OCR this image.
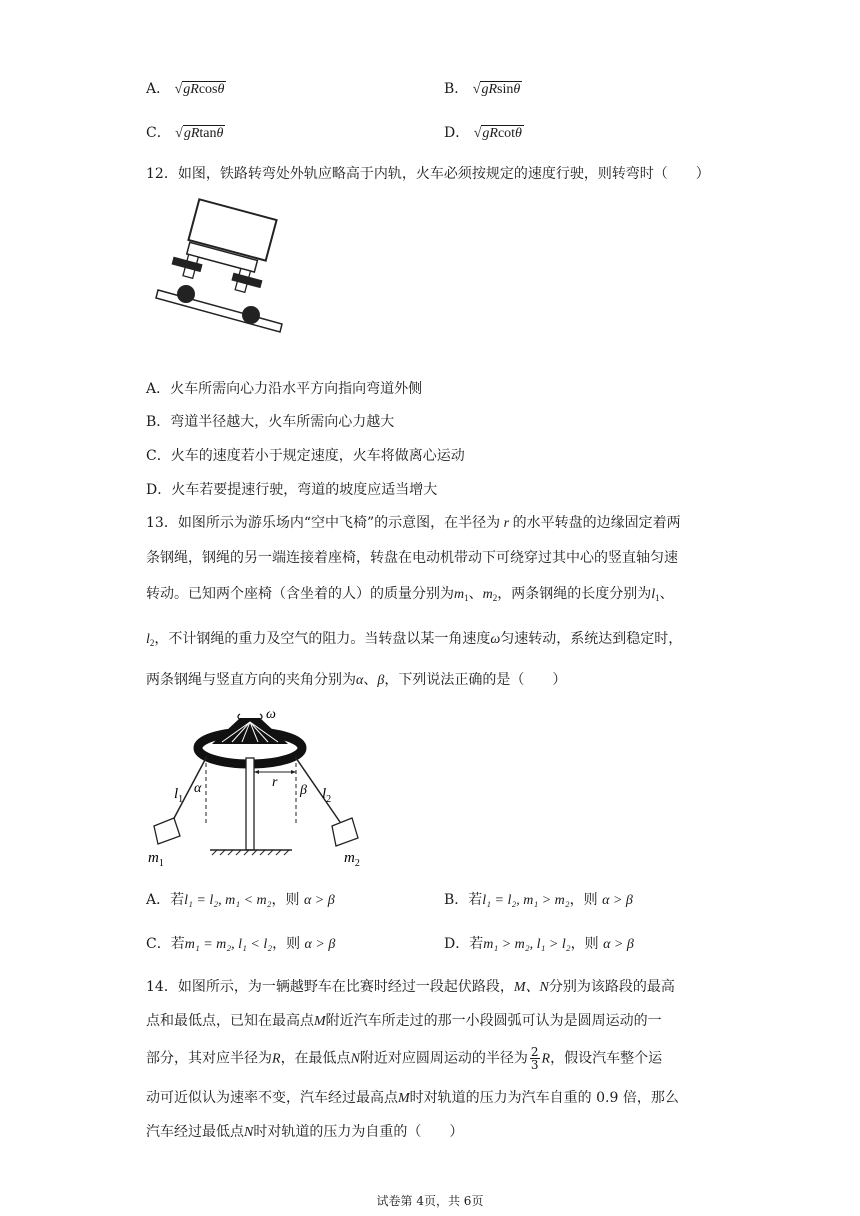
A． √gRcosθ	B． √gRsinθ
C． √gRtanθ	D． √gRcotθ
12．如图，铁路转弯处外轨应略高于内轨，火车必须按规定的速度行驶，则转弯时（　　）
A．火车所需向心力沿水平方向指向弯道外侧
B．弯道半径越大，火车所需向心力越大
C．火车的速度若小于规定速度，火车将做离心运动
D．火车若要提速行驶，弯道的坡度应适当增大
13．如图所示为游乐场内“空中飞椅”的示意图，在半径为 r 的水平转盘的边缘固定着两
条钢绳，钢绳的另一端连接着座椅，转盘在电动机带动下可绕穿过其中心的竖直轴匀速
转动。已知两个座椅（含坐着的人）的质量分别为$m_1$、$m_2$，两条钢绳的长度分别为$l_1$、
$l_2$，不计钢绳的重力及空气的阻力。当转盘以某一角速度ω匀速转动，系统达到稳定时，
两条钢绳与竖直方向的夹角分别为α、β，下列说法正确的是（　　）
ω
r
$l_1$
α	β $l_2$
$m_1$	$m_2$
A．若l₁ = l₂, m₁ < m₂，则 α > β	B．若l₁ = l₂, m₁ > m₂，则 α > β
C．若m₁ = m₂, l₁ < l₂，则 α > β	D．若m₁ > m₂, l₁ > l₂，则 α > β
14．如图所示，为一辆越野车在比赛时经过一段起伏路段，M、N分别为该路段的最高
点和最低点，已知在最高点M附近汽车所走过的那一小段圆弧可认为是圆周运动的一
部分，其对应半径为R，在最低点N附近对应圆周运动的半径为 $\frac{2}{3}$ R，假设汽车整个运
动可近似认为速率不变，汽车经过最高点M时对轨道的压力为汽车自重的 0.9 倍，那么
汽车经过最低点N时对轨道的压力为自重的（　　）
试卷第 4页，共 6页
